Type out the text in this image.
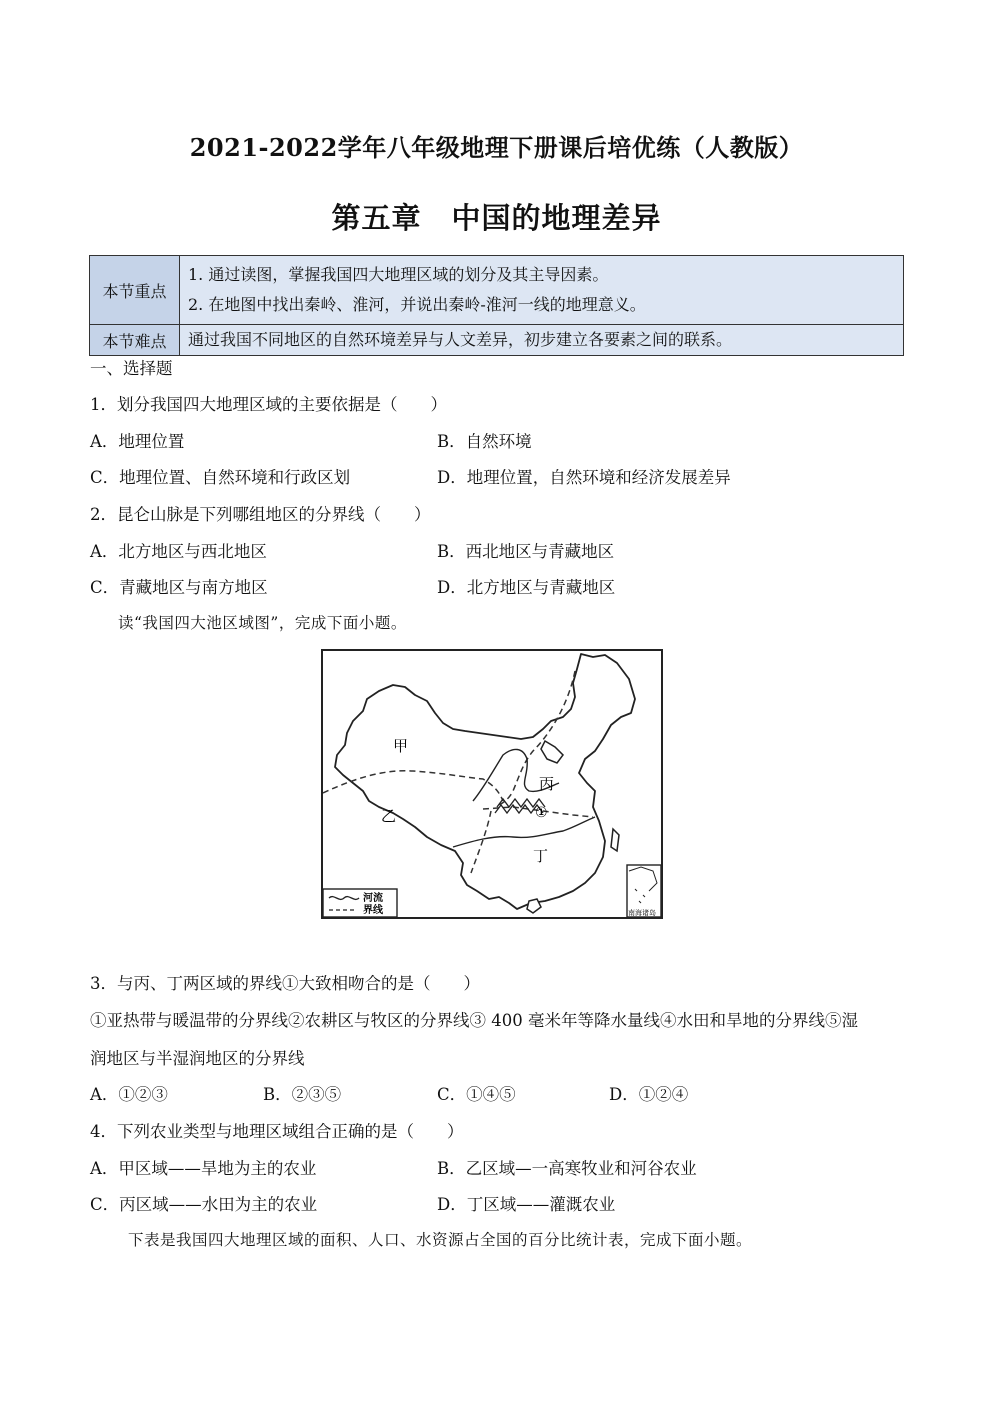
2021-2022学年八年级地理下册课后培优练（人教版）
第五章　中国的地理差异
本节重点	1. 通过读图，掌握我国四大地理区域的划分及其主导因素。
2. 在地图中找出秦岭、淮河，并说出秦岭-淮河一线的地理意义。

本节难点	通过我国不同地区的自然环境差异与人文差异，初步建立各要素之间的联系。
一、选择题
1．划分我国四大地理区域的主要依据是（　　）
A．地理位置	B．自然环境
C．地理位置、自然环境和行政区划	D．地理位置，自然环境和经济发展差异
2．昆仑山脉是下列哪组地区的分界线（　　）
A．北方地区与西北地区	B．西北地区与青藏地区
C．青藏地区与南方地区	D．北方地区与青藏地区
读“我国四大池区域图”，完成下面小题。
河流
界线	南海诸岛
甲
乙
丙
丁
①
3．与丙、丁两区域的界线①大致相吻合的是（　　）
①亚热带与暖温带的分界线②农耕区与牧区的分界线③ 400 毫米年等降水量线④水田和旱地的分界线⑤湿
润地区与半湿润地区的分界线
A．①②③	B．②③⑤	C．①④⑤	D．①②④
4．下列农业类型与地理区域组合正确的是（　　）
A．甲区域——旱地为主的农业	B．乙区域—一高寒牧业和河谷农业
C．丙区域——水田为主的农业	D．丁区域——灌溉农业
下表是我国四大地理区域的面积、人口、水资源占全国的百分比统计表，完成下面小题。
